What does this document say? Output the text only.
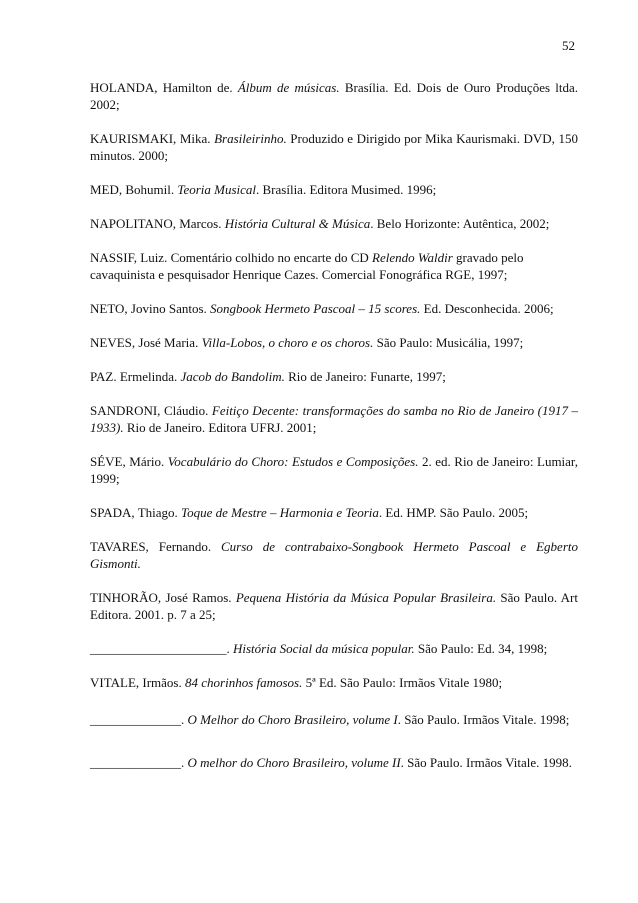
52

HOLANDA, Hamilton de. Álbum de músicas. Brasília. Ed. Dois de Ouro Produções ltda. 2002;

KAURISMAKI, Mika. Brasileirinho. Produzido e Dirigido por Mika Kaurismaki. DVD, 150 minutos. 2000;

MED, Bohumil. Teoria Musical. Brasília. Editora Musimed. 1996;

NAPOLITANO, Marcos. História Cultural & Música. Belo Horizonte: Autêntica, 2002;

NASSIF, Luiz. Comentário colhido no encarte do CD Relendo Waldir gravado pelo cavaquinista e pesquisador Henrique Cazes. Comercial Fonográfica RGE, 1997;

NETO, Jovino Santos. Songbook Hermeto Pascoal – 15 scores. Ed. Desconhecida. 2006;

NEVES, José Maria. Villa-Lobos, o choro e os choros. São Paulo: Musicália, 1997;

PAZ. Ermelinda. Jacob do Bandolim. Rio de Janeiro: Funarte, 1997;

SANDRONI, Cláudio. Feitiço Decente: transformações do samba no Rio de Janeiro (1917 – 1933). Rio de Janeiro. Editora UFRJ. 2001;

SÉVE, Mário. Vocabulário do Choro: Estudos e Composições. 2. ed. Rio de Janeiro: Lumiar, 1999;

SPADA, Thiago. Toque de Mestre – Harmonia e Teoria. Ed. HMP. São Paulo. 2005;

TAVARES, Fernando. Curso de contrabaixo-Songbook Hermeto Pascoal e Egberto Gismonti.

TINHORÃO, José Ramos. Pequena História da Música Popular Brasileira. São Paulo. Art Editora. 2001. p. 7 a 25;

_____________________. História Social da música popular. São Paulo: Ed. 34, 1998;

VITALE, Irmãos. 84 chorinhos famosos. 5ª Ed. São Paulo: Irmãos Vitale 1980;

______________. O Melhor do Choro Brasileiro, volume I. São Paulo. Irmãos Vitale. 1998;

______________. O melhor do Choro Brasileiro, volume II. São Paulo. Irmãos Vitale. 1998.
